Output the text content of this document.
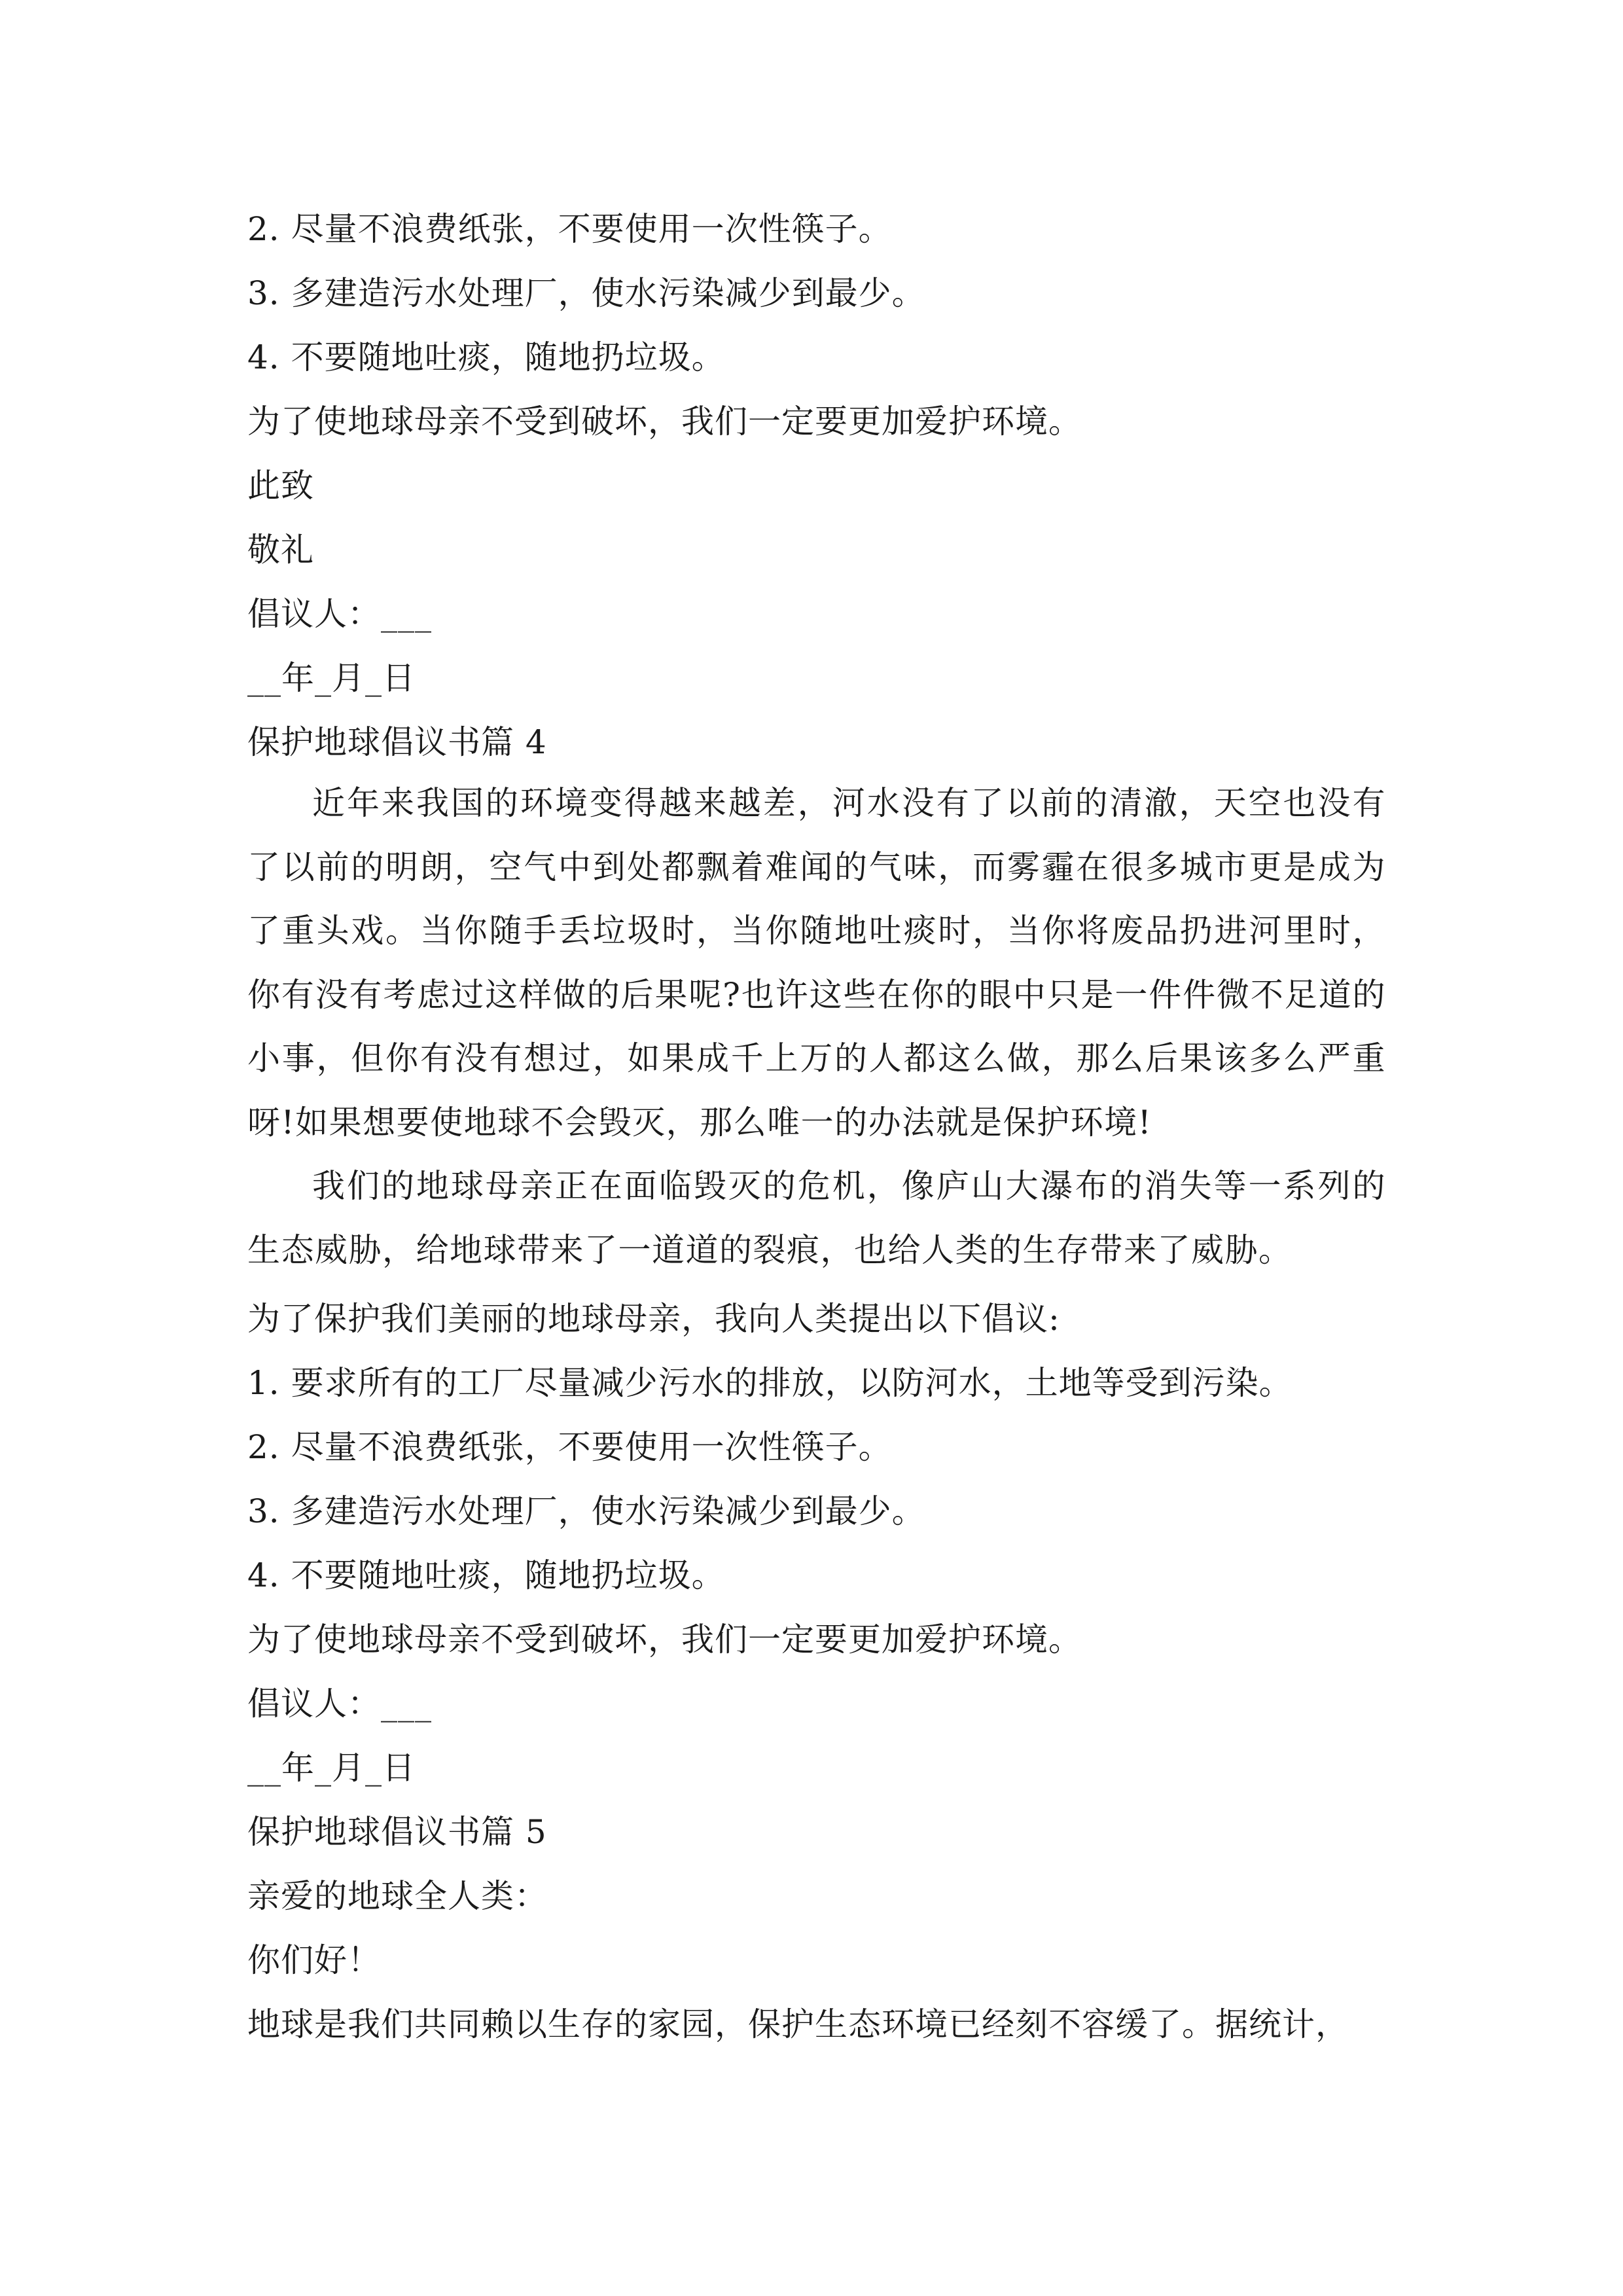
2. 尽量不浪费纸张，不要使用一次性筷子。
3. 多建造污水处理厂，使水污染减少到最少。
4. 不要随地吐痰，随地扔垃圾。
为了使地球母亲不受到破坏，我们一定要更加爱护环境。
此致
敬礼
倡议人：___
__年_月_日
保护地球倡议书篇 4

近年来我国的环境变得越来越差，河水没有了以前的清澈，天空也没有了以前的明朗，空气中到处都飘着难闻的气味，而雾霾在很多城市更是成为了重头戏。当你随手丢垃圾时，当你随地吐痰时，当你将废品扔进河里时，你有没有考虑过这样做的后果呢?也许这些在你的眼中只是一件件微不足道的小事，但你有没有想过，如果成千上万的人都这么做，那么后果该多么严重呀!如果想要使地球不会毁灭，那么唯一的办法就是保护环境!

我们的地球母亲正在面临毁灭的危机，像庐山大瀑布的消失等一系列的生态威胁，给地球带来了一道道的裂痕，也给人类的生存带来了威胁。

为了保护我们美丽的地球母亲，我向人类提出以下倡议:
1. 要求所有的工厂尽量减少污水的排放，以防河水，土地等受到污染。
2. 尽量不浪费纸张，不要使用一次性筷子。
3. 多建造污水处理厂，使水污染减少到最少。
4. 不要随地吐痰，随地扔垃圾。
为了使地球母亲不受到破坏，我们一定要更加爱护环境。
倡议人：___
__年_月_日
保护地球倡议书篇 5
亲爱的地球全人类：
你们好！
地球是我们共同赖以生存的家园，保护生态环境已经刻不容缓了。据统计，
